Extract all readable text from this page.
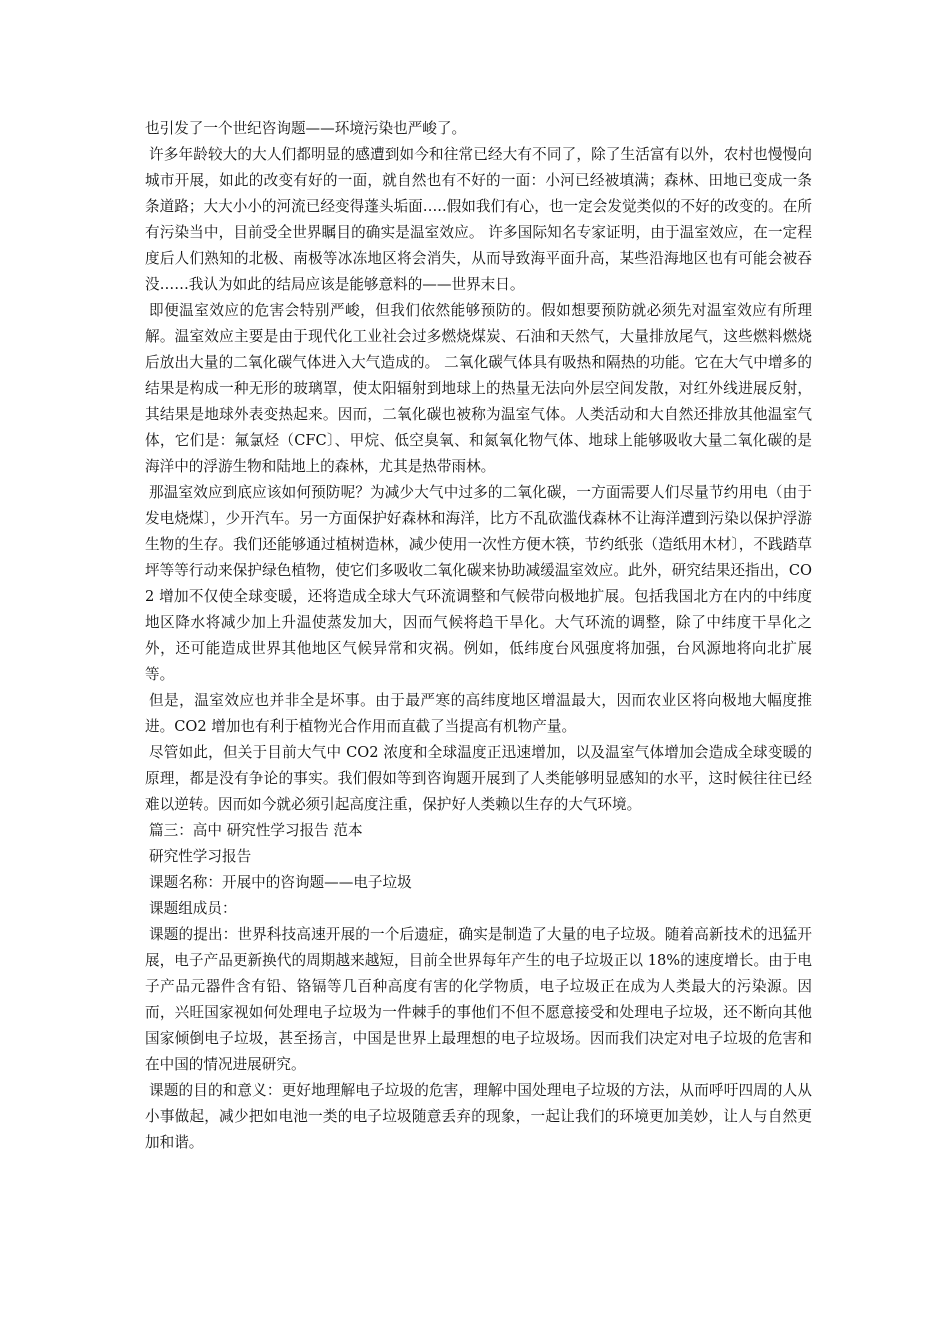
也引发了一个世纪咨询题——环境污染也严峻了。

许多年龄较大的大人们都明显的感遭到如今和往常已经大有不同了，除了生活富有以外，农村也慢慢向城市开展，如此的改变有好的一面，就自然也有不好的一面：小河已经被填满；森林、田地已变成一条条道路；大大小小的河流已经变得蓬头垢面…..假如我们有心，也一定会发觉类似的不好的改变的。在所有污染当中，目前受全世界瞩目的确实是温室效应。 许多国际知名专家证明，由于温室效应，在一定程度后人们熟知的北极、南极等冰冻地区将会消失，从而导致海平面升高，某些沿海地区也有可能会被吞没……我认为如此的结局应该是能够意料的——世界末日。

即便温室效应的危害会特别严峻，但我们依然能够预防的。假如想要预防就必须先对温室效应有所理解。温室效应主要是由于现代化工业社会过多燃烧煤炭、石油和天然气，大量排放尾气，这些燃料燃烧后放出大量的二氧化碳气体进入大气造成的。 二氧化碳气体具有吸热和隔热的功能。它在大气中增多的结果是构成一种无形的玻璃罩，使太阳辐射到地球上的热量无法向外层空间发散，对红外线进展反射，其结果是地球外表变热起来。因而，二氧化碳也被称为温室气体。人类活动和大自然还排放其他温室气体，它们是：氟氯烃（CFC〕、甲烷、低空臭氧、和氮氧化物气体、地球上能够吸收大量二氧化碳的是海洋中的浮游生物和陆地上的森林，尤其是热带雨林。

那温室效应到底应该如何预防呢？为减少大气中过多的二氧化碳，一方面需要人们尽量节约用电（由于发电烧煤〕，少开汽车。另一方面保护好森林和海洋，比方不乱砍滥伐森林不让海洋遭到污染以保护浮游生物的生存。我们还能够通过植树造林，减少使用一次性方便木筷，节约纸张（造纸用木材〕，不践踏草坪等等行动来保护绿色植物，使它们多吸收二氧化碳来协助减缓温室效应。此外，研究结果还指出，CO2 增加不仅使全球变暖，还将造成全球大气环流调整和气候带向极地扩展。包括我国北方在内的中纬度地区降水将减少加上升温使蒸发加大，因而气候将趋干旱化。大气环流的调整，除了中纬度干旱化之外，还可能造成世界其他地区气候异常和灾祸。例如，低纬度台风强度将加强，台风源地将向北扩展等。

但是，温室效应也并非全是坏事。由于最严寒的高纬度地区增温最大，因而农业区将向极地大幅度推进。CO2 增加也有利于植物光合作用而直截了当提高有机物产量。

尽管如此，但关于目前大气中 CO2 浓度和全球温度正迅速增加，以及温室气体增加会造成全球变暖的原理，都是没有争论的事实。我们假如等到咨询题开展到了人类能够明显感知的水平，这时候往往已经难以逆转。因而如今就必须引起高度注重，保护好人类赖以生存的大气环境。

篇三：高中 研究性学习报告 范本

研究性学习报告

课题名称：开展中的咨询题——电子垃圾

课题组成员：

课题的提出：世界科技高速开展的一个后遗症，确实是制造了大量的电子垃圾。随着高新技术的迅猛开展，电子产品更新换代的周期越来越短，目前全世界每年产生的电子垃圾正以 18%的速度增长。由于电子产品元器件含有铅、铬镉等几百种高度有害的化学物质，电子垃圾正在成为人类最大的污染源。因而，兴旺国家视如何处理电子垃圾为一件棘手的事他们不但不愿意接受和处理电子垃圾，还不断向其他国家倾倒电子垃圾，甚至扬言，中国是世界上最理想的电子垃圾场。因而我们决定对电子垃圾的危害和在中国的情况进展研究。

课题的目的和意义：更好地理解电子垃圾的危害，理解中国处理电子垃圾的方法，从而呼吁四周的人从小事做起，减少把如电池一类的电子垃圾随意丢弃的现象，一起让我们的环境更加美妙，让人与自然更加和谐。
